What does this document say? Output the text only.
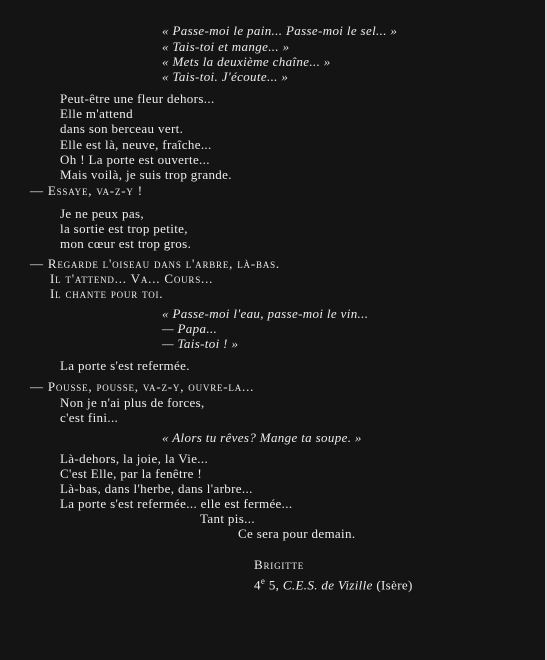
« Passe-moi le pain... Passe-moi le sel... »
« Tais-toi et mange... »
« Mets la deuxième chaîne... »
« Tais-toi. J'écoute... »
Peut-être une fleur dehors...
Elle m'attend
dans son berceau vert.
Elle est là, neuve, fraîche...
Oh ! La porte est ouverte...
Mais voilà, je suis trop grande.
— Essaye, va-z-y !
Je ne peux pas,
la sortie est trop petite,
mon cœur est trop gros.
— Regarde l'oiseau dans l'arbre, là-bas.
Il t'attend... Va... Cours...
Il chante pour toi.
« Passe-moi l'eau, passe-moi le vin...
— Papa...
— Tais-toi ! »
La porte s'est refermée.
— Pousse, pousse, va-z-y, ouvre-la...
Non je n'ai plus de forces,
c'est fini...
« Alors tu rêves? Mange ta soupe. »
Là-dehors, la joie, la Vie...
C'est Elle, par la fenêtre !
Là-bas, dans l'herbe, dans l'arbre...
La porte s'est refermée... elle est fermée...
Tant pis...
Ce sera pour demain.
Brigitte
4e 5, C.E.S. de Vizille (Isère)
